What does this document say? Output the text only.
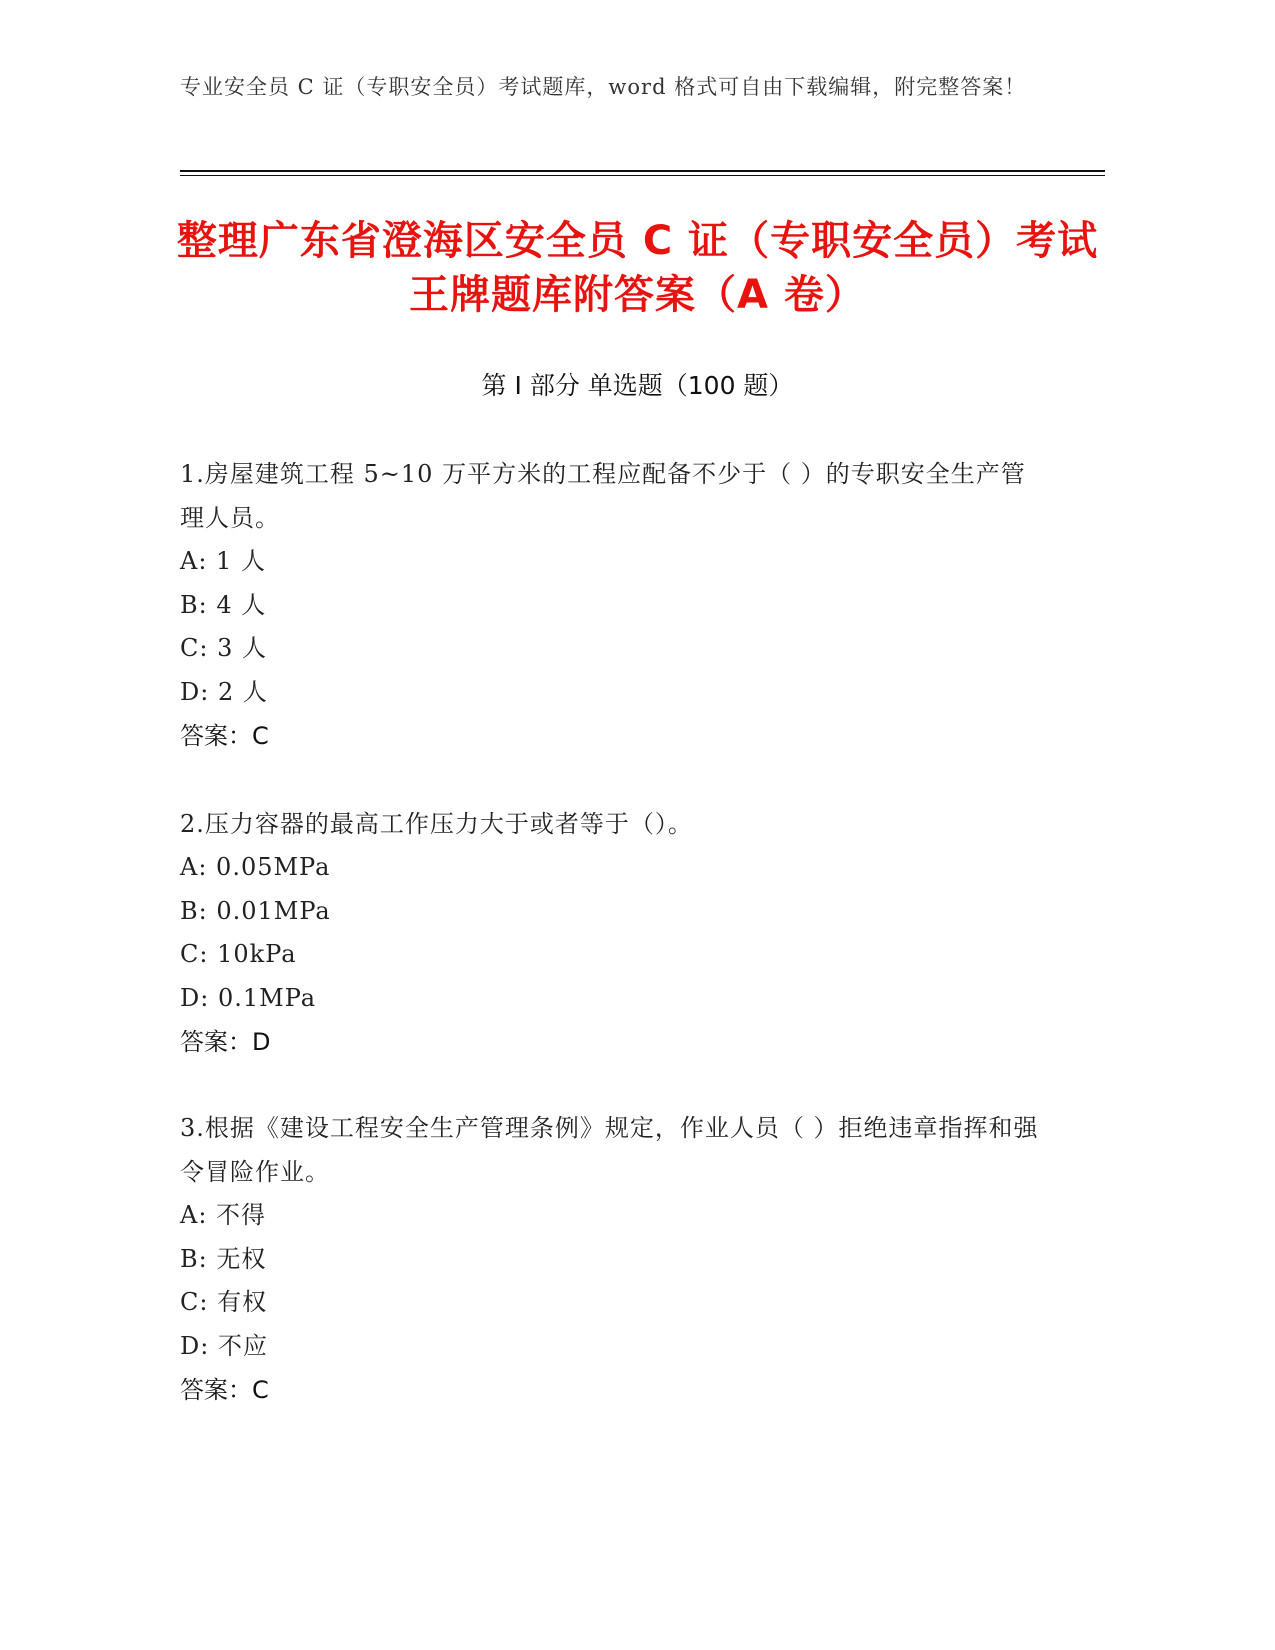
专业安全员 C 证（专职安全员）考试题库，word 格式可自由下载编辑，附完整答案！
整理广东省澄海区安全员 C 证（专职安全员）考试王牌题库附答案（A 卷）
第 I 部分 单选题（100 题）
1.房屋建筑工程 5~10 万平方米的工程应配备不少于（ ）的专职安全生产管理人员。
A: 1 人
B: 4 人
C: 3 人
D: 2 人
答案：C
2.压力容器的最高工作压力大于或者等于（）。
A: 0.05MPa
B: 0.01MPa
C: 10kPa
D: 0.1MPa
答案：D
3.根据《建设工程安全生产管理条例》规定，作业人员（ ）拒绝违章指挥和强令冒险作业。
A: 不得
B: 无权
C: 有权
D: 不应
答案：C
